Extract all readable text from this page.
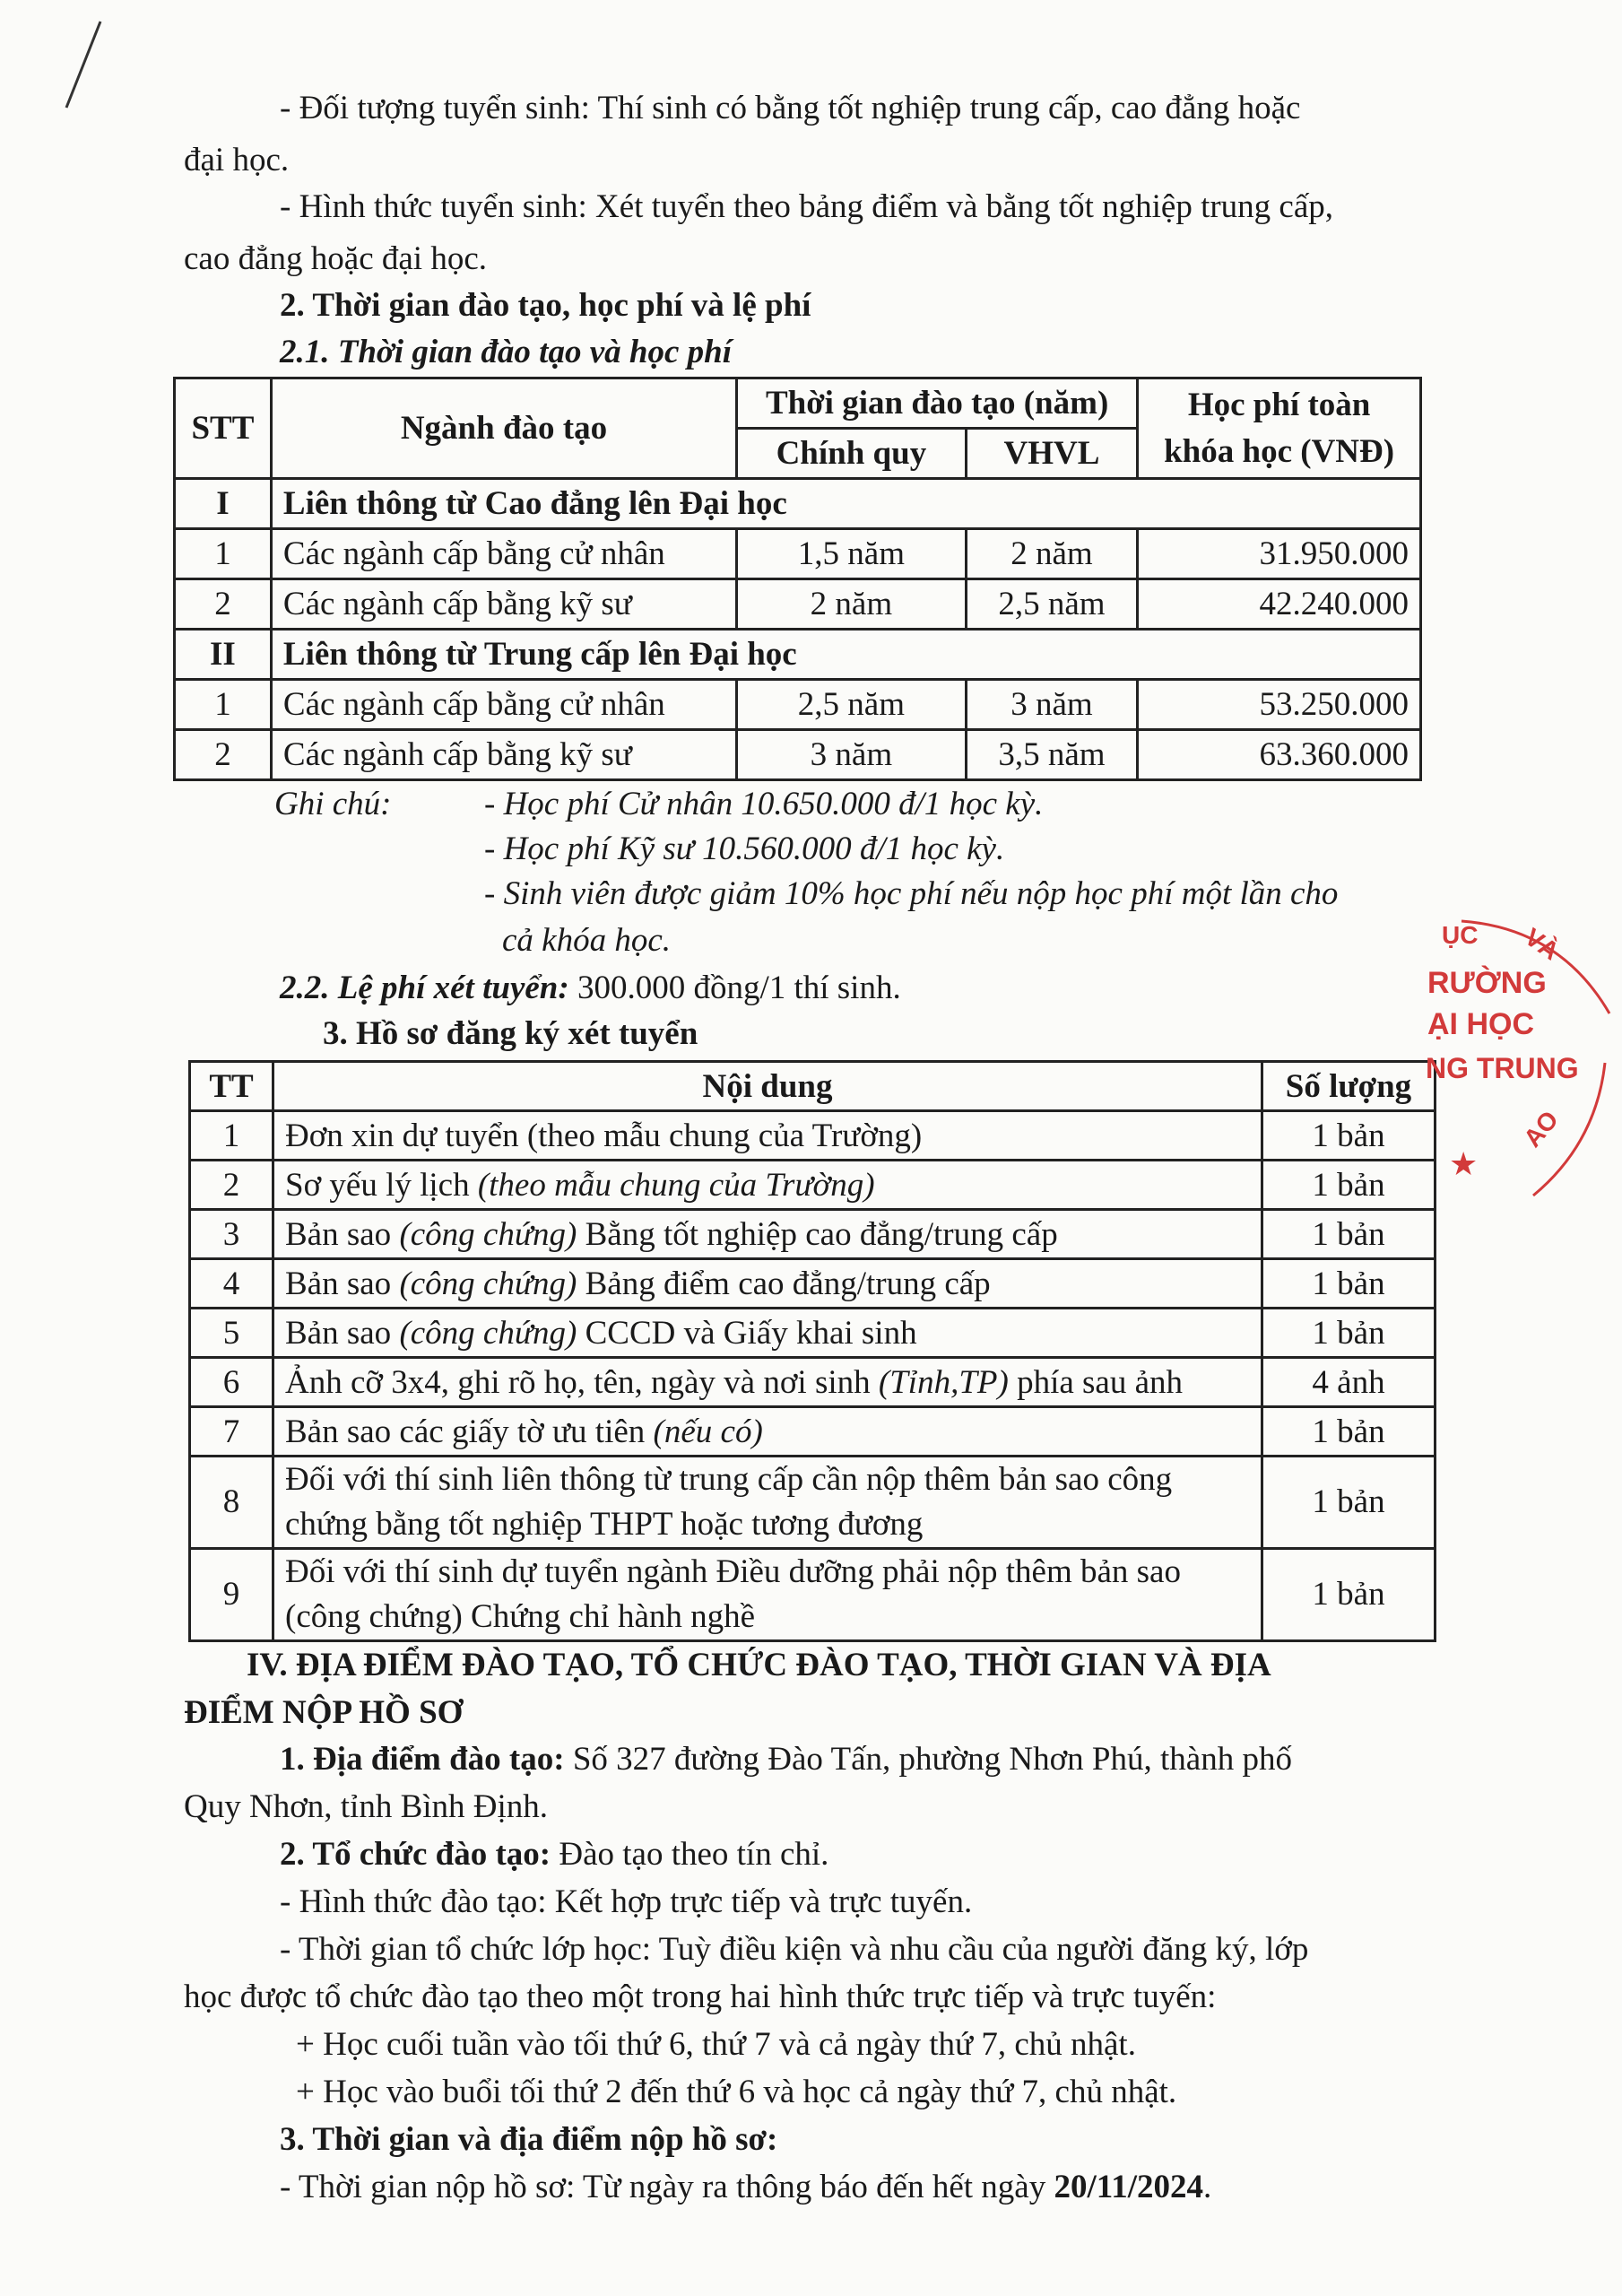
- Đối tượng tuyển sinh: Thí sinh có bằng tốt nghiệp trung cấp, cao đẳng hoặc
đại học.
- Hình thức tuyển sinh: Xét tuyển theo bảng điểm và bằng tốt nghiệp trung cấp,
cao đẳng hoặc đại học.
2. Thời gian đào tạo, học phí và lệ phí
2.1. Thời gian đào tạo và học phí
STT	Ngành đào tạo	Thời gian đào tạo (năm)		Học phí toàn
khóa học (VNĐ)

		Chính quy	VHVL	
I	Liên thông từ Cao đẳng lên Đại học			
1	Các ngành cấp bằng cử nhân	1,5 năm	2 năm	31.950.000
2	Các ngành cấp bằng kỹ sư	2 năm	2,5 năm	42.240.000
II	Liên thông từ Trung cấp lên Đại học			
1	Các ngành cấp bằng cử nhân	2,5 năm	3 năm	53.250.000
2	Các ngành cấp bằng kỹ sư	3 năm	3,5 năm	63.360.000
Ghi chú:	- Học phí Cử nhân 10.650.000 đ/1 học kỳ.
- Học phí Kỹ sư 10.560.000 đ/1 học kỳ.
- Sinh viên được giảm 10% học phí nếu nộp học phí một lần cho
cả khóa học.
2.2. Lệ phí xét tuyển: 300.000 đồng/1 thí sinh.
3. Hồ sơ đăng ký xét tuyển
TT	Nội dung	Số lượng
1	Đơn xin dự tuyển (theo mẫu chung của Trường)	1 bản
2	Sơ yếu lý lịch (theo mẫu chung của Trường)	1 bản
3	Bản sao (công chứng) Bằng tốt nghiệp cao đẳng/trung cấp	1 bản
4	Bản sao (công chứng) Bảng điểm cao đẳng/trung cấp	1 bản
5	Bản sao (công chứng) CCCD và Giấy khai sinh	1 bản
6	Ảnh cỡ 3x4, ghi rõ họ, tên, ngày và nơi sinh (Tỉnh,TP) phía sau ảnh	4 ảnh
7	Bản sao các giấy tờ ưu tiên (nếu có)	1 bản
8	Đối với thí sinh liên thông từ trung cấp cần nộp thêm bản sao công
chứng bằng tốt nghiệp THPT hoặc tương đương	1 bản
9	Đối với thí sinh dự tuyển ngành Điều dưỡng phải nộp thêm bản sao
(công chứng) Chứng chỉ hành nghề	1 bản
IV. ĐỊA ĐIỂM ĐÀO TẠO, TỔ CHỨC ĐÀO TẠO, THỜI GIAN VÀ ĐỊA
ĐIỂM NỘP HỒ SƠ
1. Địa điểm đào tạo: Số 327 đường Đào Tấn, phường Nhơn Phú, thành phố
Quy Nhơn, tỉnh Bình Định.
2. Tổ chức đào tạo: Đào tạo theo tín chỉ.
- Hình thức đào tạo: Kết hợp trực tiếp và trực tuyến.
- Thời gian tổ chức lớp học: Tuỳ điều kiện và nhu cầu của người đăng ký, lớp
học được tổ chức đào tạo theo một trong hai hình thức trực tiếp và trực tuyến:
+ Học cuối tuần vào tối thứ 6, thứ 7 và cả ngày thứ 7, chủ nhật.
+ Học vào buổi tối thứ 2 đến thứ 6 và học cả ngày thứ 7, chủ nhật.
3. Thời gian và địa điểm nộp hồ sơ:
- Thời gian nộp hồ sơ: Từ ngày ra thông báo đến hết ngày 20/11/2024.
ỤC VÀ
RƯỜNG
ẠI HỌC
NG TRUNG
AO
★
